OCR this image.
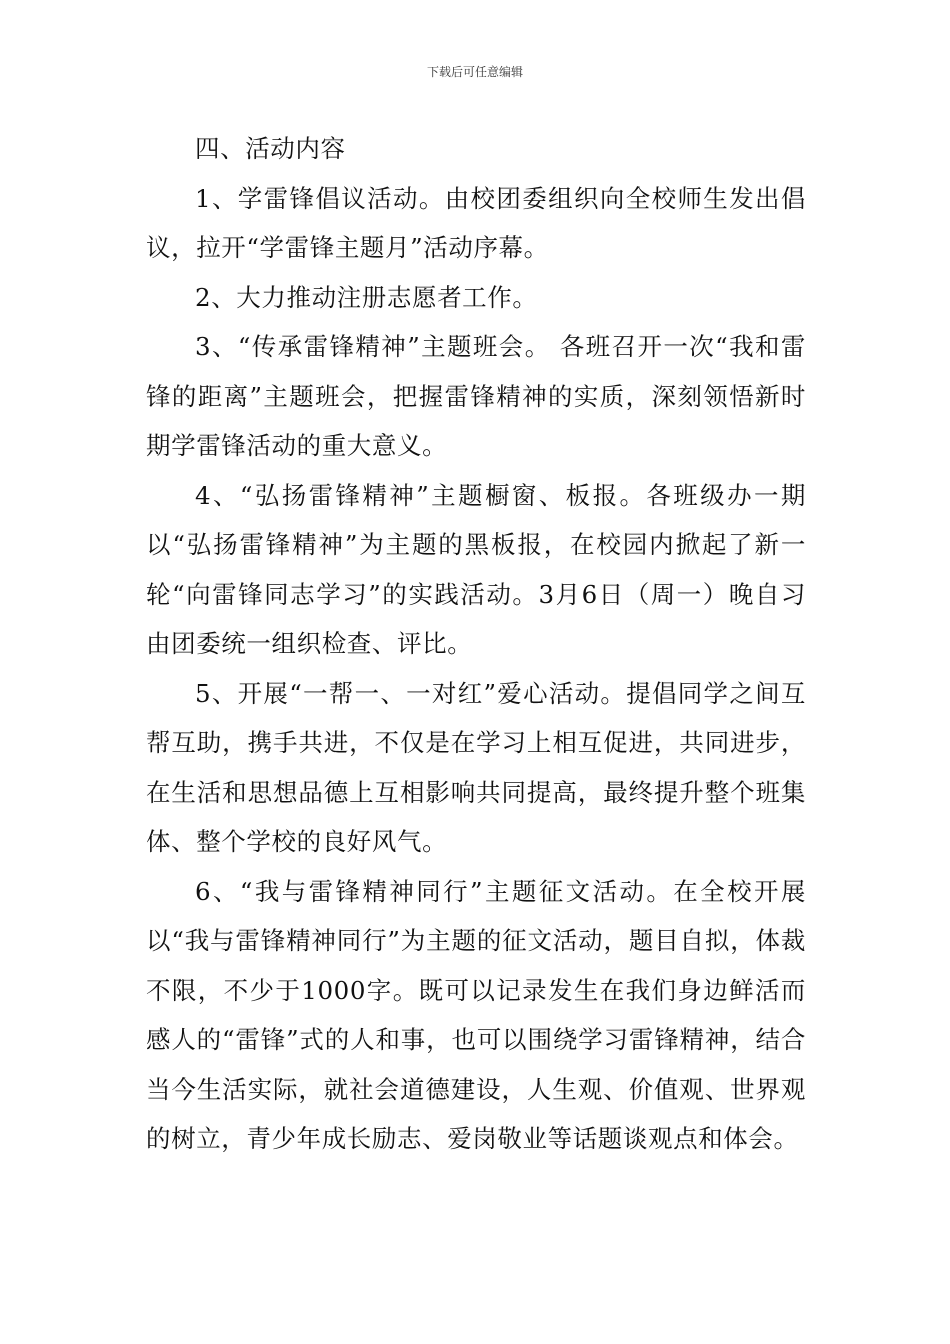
下载后可任意编辑

四、活动内容

1、学雷锋倡议活动。由校团委组织向全校师生发出倡议，拉开“学雷锋主题月”活动序幕。

2、大力推动注册志愿者工作。

3、“传承雷锋精神”主题班会。 各班召开一次“我和雷锋的距离”主题班会，把握雷锋精神的实质，深刻领悟新时期学雷锋活动的重大意义。

4、“弘扬雷锋精神”主题橱窗、板报。各班级办一期以“弘扬雷锋精神”为主题的黑板报，在校园内掀起了新一轮“向雷锋同志学习”的实践活动。3月6日（周一）晚自习由团委统一组织检查、评比。

5、开展“一帮一、一对红”爱心活动。提倡同学之间互帮互助，携手共进，不仅是在学习上相互促进，共同进步，在生活和思想品德上互相影响共同提高，最终提升整个班集体、整个学校的良好风气。

6、“我与雷锋精神同行”主题征文活动。在全校开展以“我与雷锋精神同行”为主题的征文活动，题目自拟，体裁不限，不少于1000字。既可以记录发生在我们身边鲜活而感人的“雷锋”式的人和事，也可以围绕学习雷锋精神，结合当今生活实际，就社会道德建设，人生观、价值观、世界观的树立，青少年成长励志、爱岗敬业等话题谈观点和体会。
